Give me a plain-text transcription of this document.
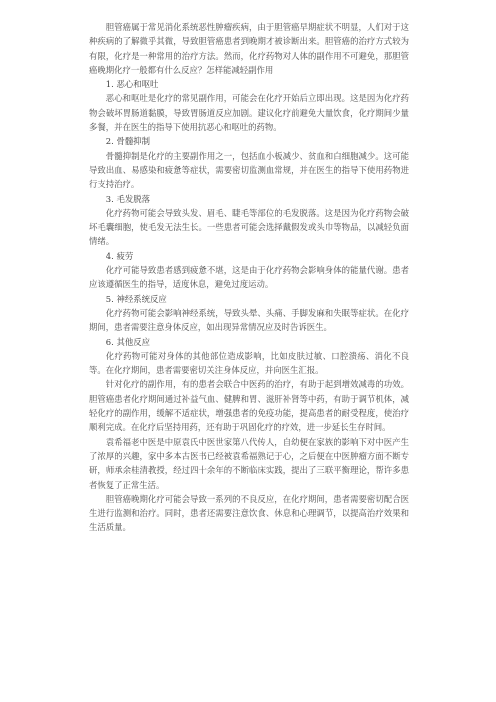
胆管癌属于常见消化系统恶性肿瘤疾病，由于胆管癌早期症状不明显，人们对于这种疾病的了解微乎其微，导致胆管癌患者到晚期才被诊断出来。胆管癌的治疗方式较为有限，化疗是一种常用的治疗方法。然而，化疗药物对人体的副作用不可避免，那胆管癌晚期化疗一般都有什么反应？怎样能减轻副作用

1. 恶心和呕吐

恶心和呕吐是化疗的常见副作用，可能会在化疗开始后立即出现。这是因为化疗药物会破坏胃肠道黏膜，导致胃肠道反应加剧。建议化疗前避免大量饮食，化疗期间少量多餐，并在医生的指导下使用抗恶心和呕吐的药物。

2. 骨髓抑制

骨髓抑制是化疗的主要副作用之一，包括血小板减少、贫血和白细胞减少。这可能导致出血、易感染和疲惫等症状，需要密切监测血常规，并在医生的指导下使用药物进行支持治疗。

3. 毛发脱落

化疗药物可能会导致头发、眉毛、睫毛等部位的毛发脱落。这是因为化疗药物会破坏毛囊细胞，使毛发无法生长。一些患者可能会选择戴假发或头巾等物品，以减轻负面情绪。

4. 疲劳

化疗可能导致患者感到疲惫不堪，这是由于化疗药物会影响身体的能量代谢。患者应该遵循医生的指导，适度休息，避免过度运动。

5. 神经系统反应

化疗药物可能会影响神经系统，导致头晕、头痛、手脚发麻和失眠等症状。在化疗期间，患者需要注意身体反应，如出现异常情况应及时告诉医生。

6. 其他反应

化疗药物可能对身体的其他部位造成影响，比如皮肤过敏、口腔溃疡、消化不良等。在化疗期间，患者需要密切关注身体反应，并向医生汇报。

针对化疗的副作用，有的患者会联合中医药的治疗，有助于起到增效减毒的功效。胆管癌患者化疗期间通过补益气血、健脾和胃、滋肝补肾等中药，有助于调节机体，减轻化疗的副作用，缓解不适症状，增强患者的免疫功能，提高患者的耐受程度，使治疗顺利完成。在化疗后坚持用药，还有助于巩固化疗的疗效，进一步延长生存时间。

袁希福老中医是中原袁氏中医世家第八代传人，自幼便在家族的影响下对中医产生了浓厚的兴趣，家中多本古医书已经被袁希福熟记于心，之后便在中医肿瘤方面不断专研，师承余桂清教授，经过四十余年的不断临床实践，提出了三联平衡理论，帮许多患者恢复了正常生活。

胆管癌晚期化疗可能会导致一系列的不良反应，在化疗期间，患者需要密切配合医生进行监测和治疗。同时，患者还需要注意饮食、休息和心理调节，以提高治疗效果和生活质量。
